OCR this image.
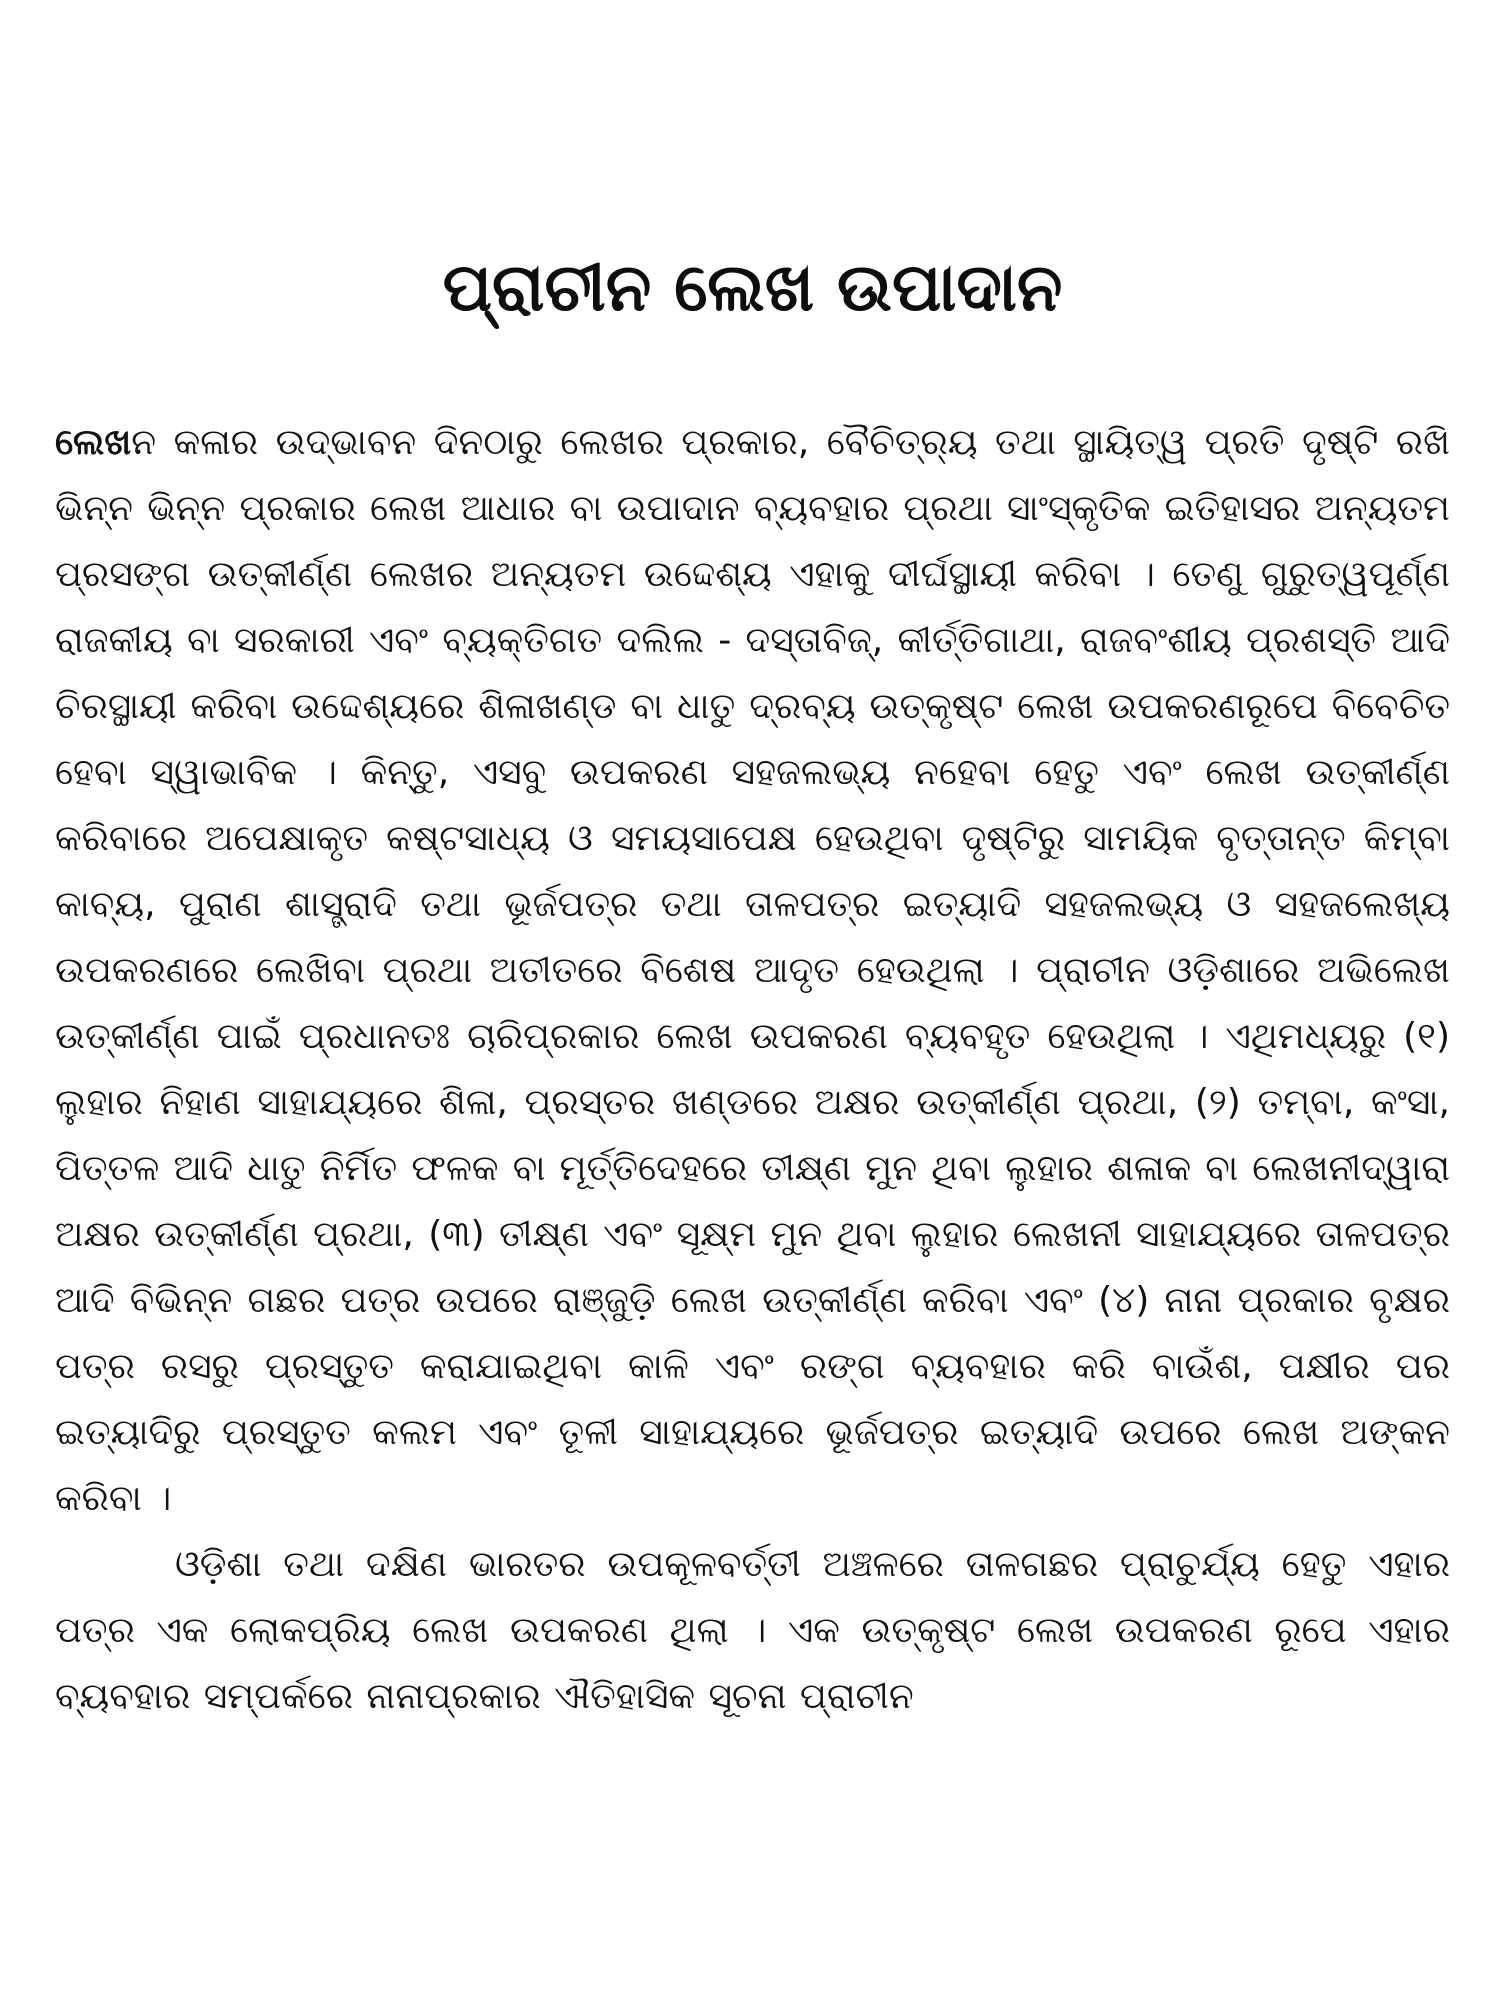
ପ୍ରାଚୀନ ଲେଖ ଉପାଦାନ

ଲେଖନ କଳାର ଉଦ୍ଭାବନ ଦିନଠାରୁ ଲେଖର ପ୍ରକାର, ବୈଚିତ୍ର୍ୟ ତଥା ସ୍ଥାୟିତ୍ୱ ପ୍ରତି ଦୃଷ୍ଟି ରଖି ଭିନ୍ନ ଭିନ୍ନ ପ୍ରକାର ଲେଖ ଆଧାର ବା ଉପାଦାନ ବ୍ୟବହାର ପ୍ରଥା ସାଂସ୍କୃତିକ ଇତିହାସର ଅନ୍ୟତମ ପ୍ରସଙ୍ଗ ଉତ୍କୀର୍ଣ୍ଣ ଲେଖର ଅନ୍ୟତମ ଉଦ୍ଦେଶ୍ୟ ଏହାକୁ ଦୀର୍ଘସ୍ଥାୟୀ କରିବା । ତେଣୁ ଗୁରୁତ୍ୱପୂର୍ଣ୍ଣ ରାଜକୀୟ ବା ସରକାରୀ ଏବଂ ବ୍ୟକ୍ତିଗତ ଦଲିଲ - ଦସ୍ତାବିଜ୍, କୀର୍ତ୍ତିଗାଥା, ରାଜବଂଶୀୟ ପ୍ରଶସ୍ତି ଆଦି ଚିରସ୍ଥାୟୀ କରିବା ଉଦ୍ଦେଶ୍ୟରେ ଶିଳାଖଣ୍ଡ ବା ଧାତୁ ଦ୍ରବ୍ୟ ଉତ୍କୃଷ୍ଟ ଲେଖ ଉପକରଣରୂପେ ବିବେଚିତ ହେବା ସ୍ୱାଭାବିକ । କିନ୍ତୁ, ଏସବୁ ଉପକରଣ ସହଜଲଭ୍ୟ ନହେବା ହେତୁ ଏବଂ ଲେଖ ଉତ୍କୀର୍ଣ୍ଣ କରିବାରେ ଅପେକ୍ଷାକୃତ କଷ୍ଟସାଧ୍ୟ ଓ ସମୟସାପେକ୍ଷ ହେଉଥିବା ଦୃଷ୍ଟିରୁ ସାମୟିକ ବୃତ୍ତାନ୍ତ କିମ୍ବା କାବ୍ୟ, ପୁରାଣ ଶାସ୍ତ୍ରାଦି ତଥା ଭୂର୍ଜପତ୍ର ତଥା ତାଳପତ୍ର ଇତ୍ୟାଦି ସହଜଲଭ୍ୟ ଓ ସହଜଲେଖ୍ୟ ଉପକରଣରେ ଲେଖିବା ପ୍ରଥା ଅତୀତରେ ବିଶେଷ ଆଦୃତ ହେଉଥିଲା । ପ୍ରାଚୀନ ଓଡ଼ିଶାରେ ଅଭିଲେଖ ଉତ୍କୀର୍ଣ୍ଣ ପାଇଁ ପ୍ରଧାନତଃ ଚାରିପ୍ରକାର ଲେଖ ଉପକରଣ ବ୍ୟବହୃତ ହେଉଥିଲା । ଏଥିମଧ୍ୟରୁ (୧) ଲୁହାର ନିହାଣ ସାହାଯ୍ୟରେ ଶିଳା, ପ୍ରସ୍ତର ଖଣ୍ଡରେ ଅକ୍ଷର ଉତ୍କୀର୍ଣ୍ଣ ପ୍ରଥା, (୨) ତମ୍ବା, କଂସା, ପିତ୍ତଳ ଆଦି ଧାତୁ ନିର୍ମିତ ଫଳକ ବା ମୂର୍ତ୍ତିଦେହରେ ତୀକ୍ଷ୍ଣ ମୁନ ଥିବା ଲୁହାର ଶଳାକ ବା ଲେଖନୀଦ୍ୱାରା ଅକ୍ଷର ଉତ୍କୀର୍ଣ୍ଣ ପ୍ରଥା, (୩) ତୀକ୍ଷ୍ଣ ଏବଂ ସୂକ୍ଷ୍ମ ମୁନ ଥିବା ଲୁହାର ଲେଖନୀ ସାହାଯ୍ୟରେ ତାଳପତ୍ର ଆଦି ବିଭିନ୍ନ ଗଛର ପତ୍ର ଉପରେ ରାଞ୍ଜୁଡ଼ି ଲେଖ ଉତ୍କୀର୍ଣ୍ଣ କରିବା ଏବଂ (୪) ନାନା ପ୍ରକାର ବୃକ୍ଷର ପତ୍ର ରସରୁ ପ୍ରସ୍ତୁତ କରାଯାଇଥିବା କାଳି ଏବଂ ରଙ୍ଗ ବ୍ୟବହାର କରି ବାଉଁଶ, ପକ୍ଷୀର ପର ଇତ୍ୟାଦିରୁ ପ୍ରସ୍ତୁତ କଲମ ଏବଂ ତୂଳୀ ସାହାଯ୍ୟରେ ଭୂର୍ଜପତ୍ର ଇତ୍ୟାଦି ଉପରେ ଲେଖ ଅଙ୍କନ କରିବା ।

ଓଡ଼ିଶା ତଥା ଦକ୍ଷିଣ ଭାରତର ଉପକୂଳବର୍ତ୍ତୀ ଅଞ୍ଚଳରେ ତାଳଗଛର ପ୍ରାଚୁର୍ଯ୍ୟ ହେତୁ ଏହାର ପତ୍ର ଏକ ଲୋକପ୍ରିୟ ଲେଖ ଉପକରଣ ଥିଲା । ଏକ ଉତ୍କୃଷ୍ଟ ଲେଖ ଉପକରଣ ରୂପେ ଏହାର ବ୍ୟବହାର ସମ୍ପର୍କରେ ନାନାପ୍ରକାର ଐତିହାସିକ ସୂଚନା ପ୍ରାଚୀନ
